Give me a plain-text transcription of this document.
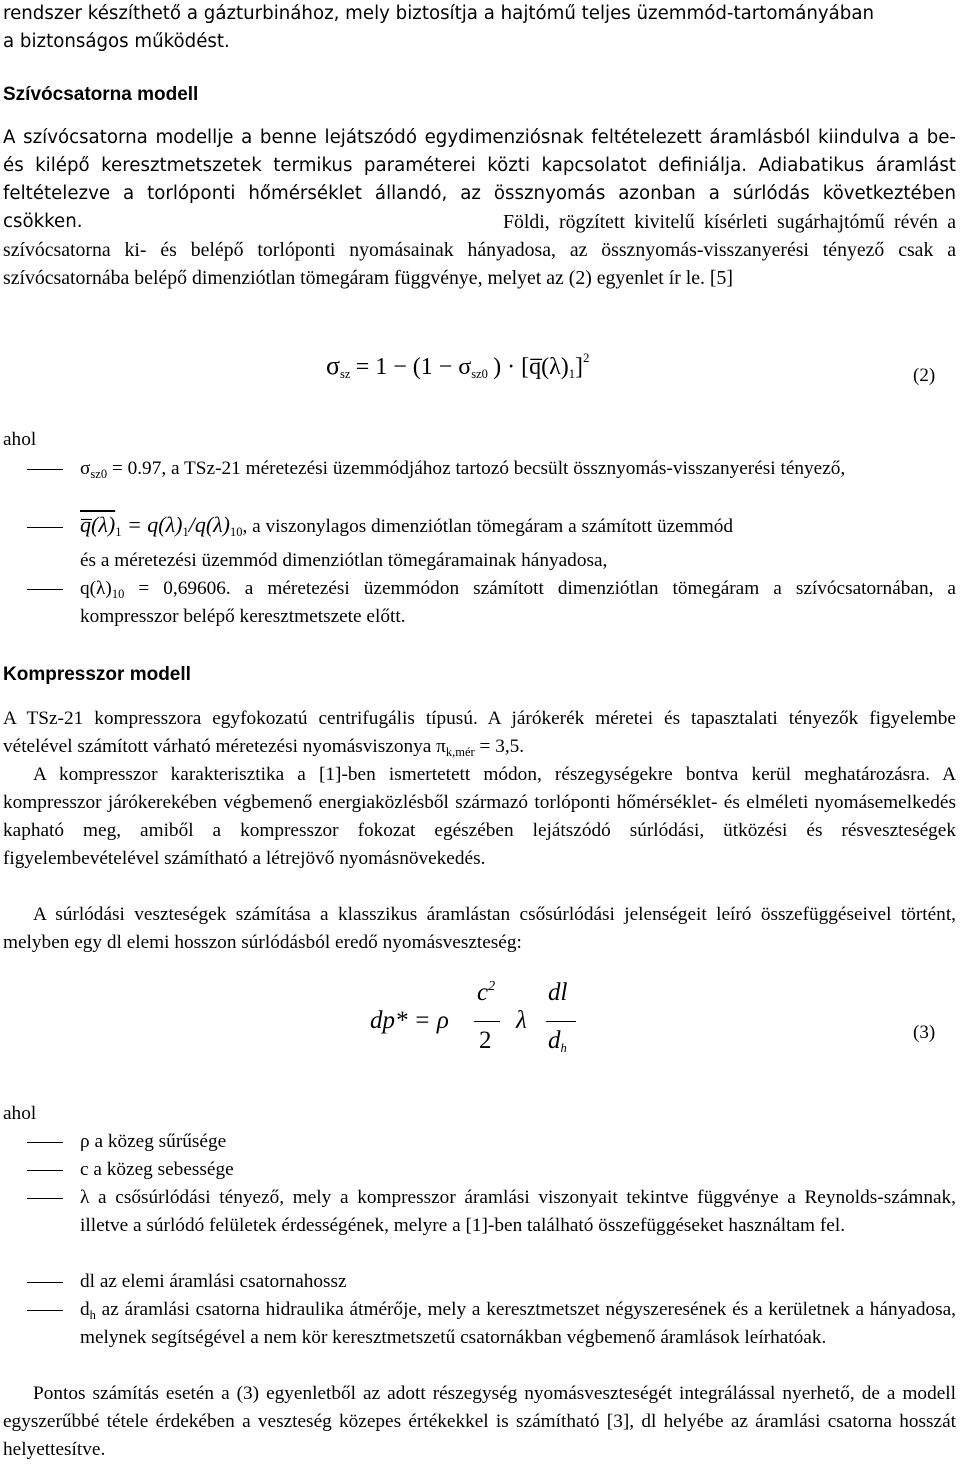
rendszer készíthető a gázturbinához, mely biztosítja a hajtómű teljes üzemmód-tartományában

a biztonságos működést.

Szívócsatorna modell

A szívócsatorna modellje a benne lejátszódó egydimenziósnak feltételezett áramlásból kiindulva a be- és kilépő keresztmetszetek termikus paraméterei közti kapcsolatot definiálja. Adiabatikus áramlást feltételezve a torlóponti hőmérséklet állandó, az össznyomás azonban a súrlódás következtében csökken.	Földi, rögzített kivitelű kísérleti sugárhajtómű révén a szívócsatorna ki- és belépő torlóponti nyomásainak hányadosa, az össznyomás-visszanyerési tényező csak a szívócsatornába belépő dimenziótlan tömegáram függvénye, melyet az (2) egyenlet ír le. [5]

$\sigma_{sz} = 1 - (1 - \sigma_{sz0}$ ) · $[q̅(\lambda)_1]^2$
(2)

ahol

$\sigma_{sz0} = 0.97$, a TSz-21 méretezési üzemmódjához tartozó becsült össznyomás-visszanyerési tényező,
$q̅(\lambda)_1 = q(\lambda)_1/q(\lambda)_{10}$, a viszonylagos dimenziótlan tömegáram a számított üzemmód
és a méretezési üzemmód dimenziótlan tömegáramainak hányadosa,
$q(\lambda)_{10} = 0,69606$. a méretezési üzemmódon számított dimenziótlan tömegáram a szívócsatornában, a kompresszor belépő keresztmetszete előtt.
Kompresszor modell

A TSz-21 kompresszora egyfokozatú centrifugális típusú. A járókerék méretei és tapasztalati tényezők figyelembe vételével számított várható méretezési nyomásviszonya $\pi_{k,mér} = 3,5$.

A kompresszor karakterisztika a [1]-ben ismertetett módon, részegységekre bontva kerül meghatározásra. A kompresszor járókerekében végbemenő energiaközlésből származó torlóponti hőmérséklet- és elméleti nyomásemelkedés kapható meg, amiből a kompresszor fokozat egészében lejátszódó súrlódási, ütközési és résveszteségek figyelembevételével számítható a létrejövő nyomásnövekedés.

A súrlódási veszteségek számítása a klasszikus áramlástan csősúrlódási jelenségeit leíró összefüggéseivel történt, melyben egy dl elemi hosszon súrlódásból eredő nyomásveszteség:

dp* = ρ
$c^2$
2
λ
dl
$d_h$
(3)

ahol

ρ a közeg sűrűsége
c a közeg sebessége
λ a csősúrlódási tényező, mely a kompresszor áramlási viszonyait tekintve függvénye a Reynolds-számnak, illetve a súrlódó felületek érdességének, melyre a [1]-ben található összefüggéseket használtam fel.
dl az elemi áramlási csatornahossz
$d_h$ az áramlási csatorna hidraulika átmérője, mely a keresztmetszet négyszeresének és a kerületnek a hányadosa, melynek segítségével a nem kör keresztmetszetű csatornákban végbemenő áramlások leírhatóak.

Pontos számítás esetén a (3) egyenletből az adott részegység nyomásveszteségét integrálással nyerhető, de a modell egyszerűbbé tétele érdekében a veszteség közepes értékekkel is számítható [3], dl helyébe az áramlási csatorna hosszát helyettesítve.
